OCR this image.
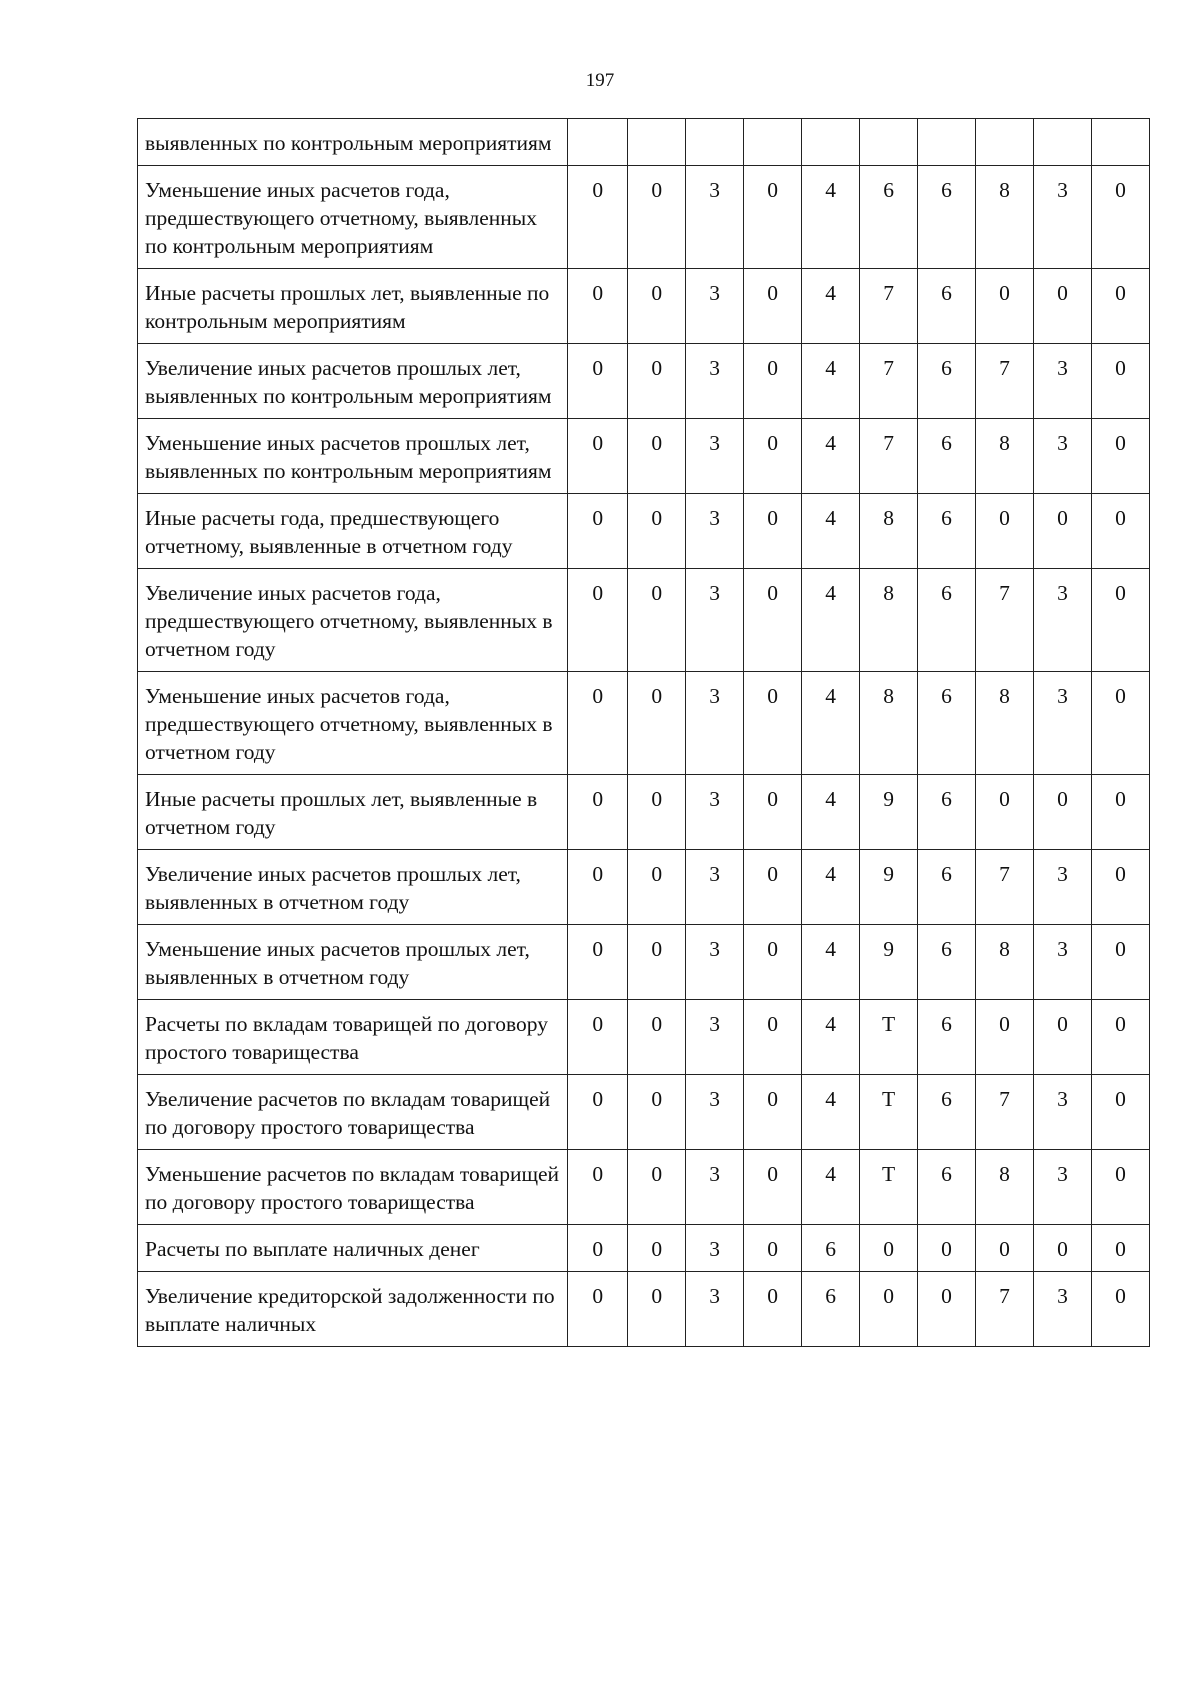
197
выявленных по контрольным мероприятиям										
Уменьшение иных расчетов года, предшествующего отчетному, выявленных по контрольным мероприятиям	0	0	3	0	4	6	6	8	3	0
Иные расчеты прошлых лет, выявленные по контрольным мероприятиям	0	0	3	0	4	7	6	0	0	0
Увеличение иных расчетов прошлых лет, выявленных по контрольным мероприятиям	0	0	3	0	4	7	6	7	3	0
Уменьшение иных расчетов прошлых лет, выявленных по контрольным мероприятиям	0	0	3	0	4	7	6	8	3	0
Иные расчеты года, предшествующего отчетному, выявленные в отчетном году	0	0	3	0	4	8	6	0	0	0
Увеличение иных расчетов года, предшествующего отчетному, выявленных в отчетном году	0	0	3	0	4	8	6	7	3	0
Уменьшение иных расчетов года, предшествующего отчетному, выявленных в отчетном году	0	0	3	0	4	8	6	8	3	0
Иные расчеты прошлых лет, выявленные в отчетном году	0	0	3	0	4	9	6	0	0	0
Увеличение иных расчетов прошлых лет, выявленных в отчетном году	0	0	3	0	4	9	6	7	3	0
Уменьшение иных расчетов прошлых лет, выявленных в отчетном году	0	0	3	0	4	9	6	8	3	0
Расчеты по вкладам товарищей по договору простого товарищества	0	0	3	0	4	Т	6	0	0	0
Увеличение расчетов по вкладам товарищей по договору простого товарищества	0	0	3	0	4	Т	6	7	3	0
Уменьшение расчетов по вкладам товарищей по договору простого товарищества	0	0	3	0	4	Т	6	8	3	0
Расчеты по выплате наличных денег	0	0	3	0	6	0	0	0	0	0
Увеличение кредиторской задолженности по выплате наличных	0	0	3	0	6	0	0	7	3	0
